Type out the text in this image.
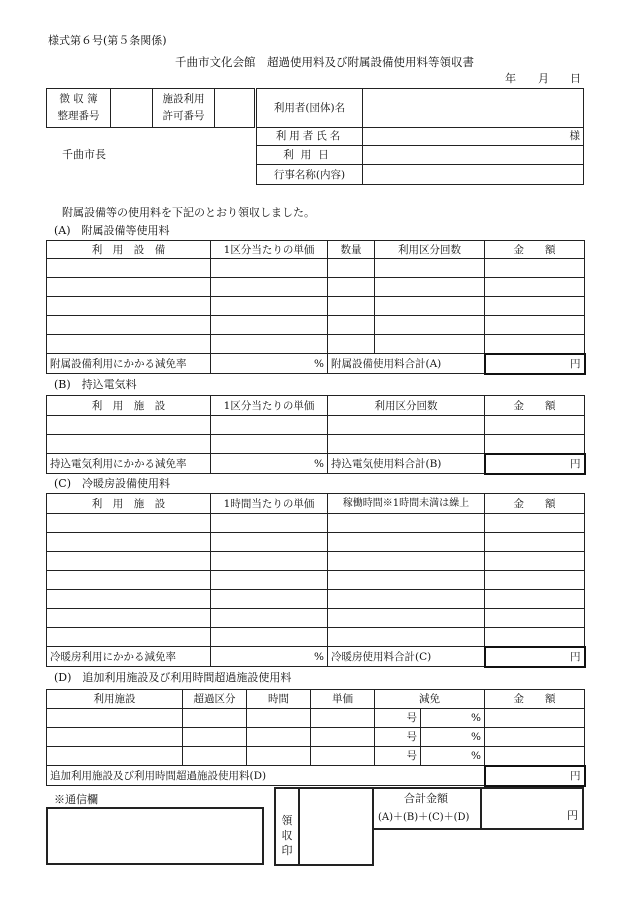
様式第６号(第５条関係)
千曲市文化会館　超過使用料及び附属設備使用料等領収書
年 月 日
徴 収 簿
整理番号		施設利用
許可番号	
千曲市長
利用者(団体)名	
利用者氏名	様
利用日	
行事名称(内容)	
附属設備等の使用料を下記のとおり領収しました。
(A)　附属設備等使用料
利　用　設　備	1区分当たりの単価	数量	利用区分回数	金　　額

附属設備利用にかかる減免率	%	附属設備使用料合計(A)		円
(B)　持込電気料
利　用　施　設	1区分当たりの単価	利用区分回数	金　　額

持込電気利用にかかる減免率	%	持込電気使用料合計(B)	円
(C)　冷暖房設備使用料
利　用　施　設	1時間当たりの単価	稼働時間※1時間未満は繰上	金　　額

冷暖房利用にかかる減免率	%	冷暖房使用料合計(C)	円
(D)　追加利用施設及び利用時間超過施設使用料
利用施設	超過区分	時間	単価	減免		金　　額
				号	%	
				号	%	
				号	%	
追加利用施設及び利用時間超過施設使用料(D)						円
※通信欄
領
収
印
合計金額
(A)＋(B)＋(C)＋(D)	円
